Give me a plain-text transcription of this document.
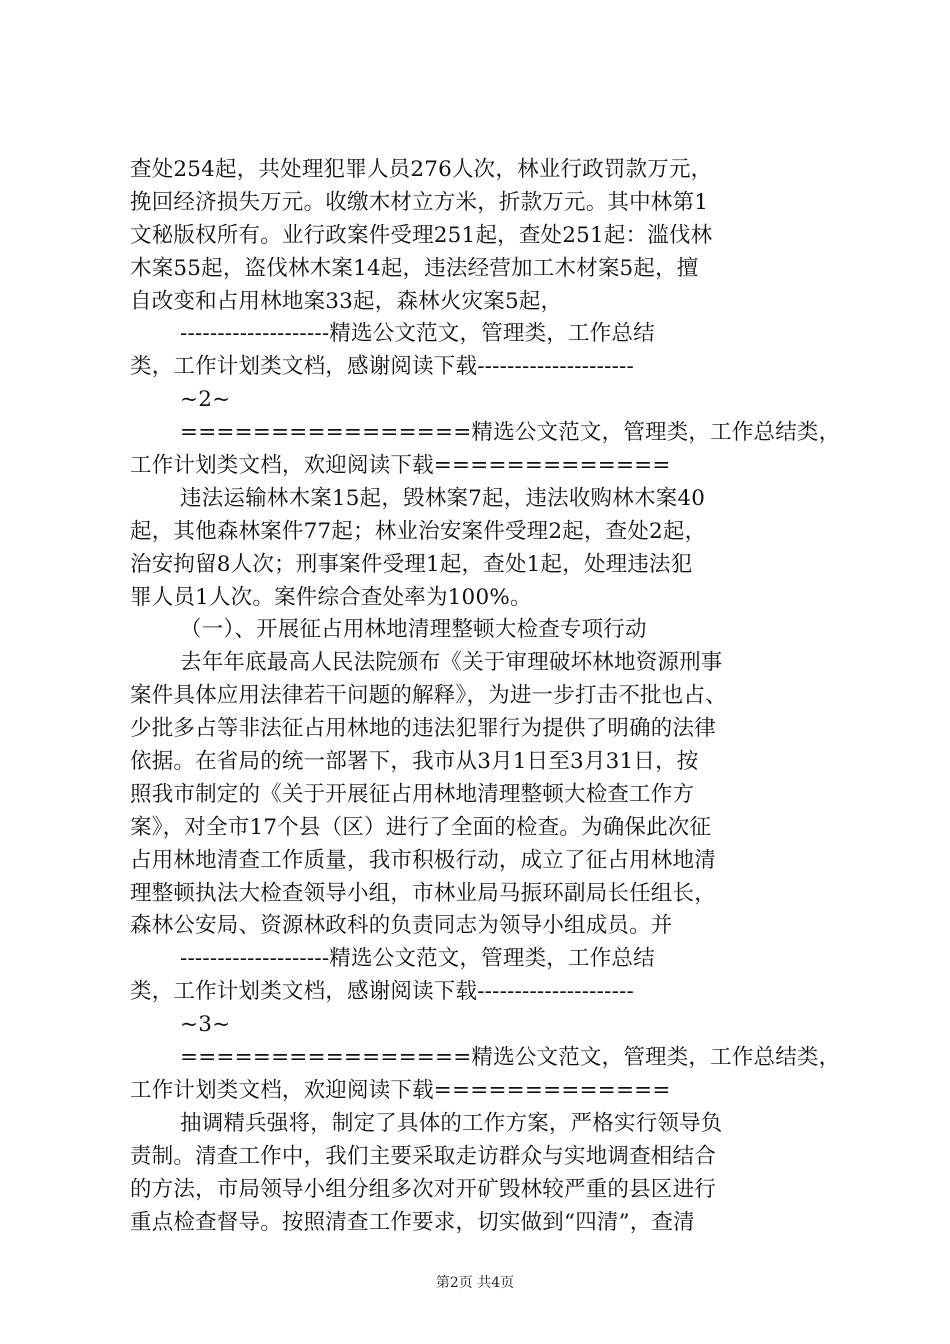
查处254起，共处理犯罪人员276人次，林业行政罚款万元，
挽回经济损失万元。收缴木材立方米，折款万元。其中林第1
文秘版权所有。业行政案件受理251起，查处251起：滥伐林
木案55起，盗伐林木案14起，违法经营加工木材案5起，擅
自改变和占用林地案33起，森林火灾案5起，
--------------------精选公文范文，管理类，工作总结
类，工作计划类文档，感谢阅读下载---------------------
~2~
================精选公文范文，管理类，工作总结类，
工作计划类文档，欢迎阅读下载=============
违法运输林木案15起，毁林案7起，违法收购林木案40
起，其他森林案件77起；林业治安案件受理2起，查处2起，
治安拘留8人次；刑事案件受理1起，查处1起，处理违法犯
罪人员1人次。案件综合查处率为100%。
（一）、开展征占用林地清理整顿大检查专项行动
去年年底最高人民法院颁布《关于审理破坏林地资源刑事
案件具体应用法律若干问题的解释》，为进一步打击不批也占、
少批多占等非法征占用林地的违法犯罪行为提供了明确的法律
依据。在省局的统一部署下，我市从3月1日至3月31日，按
照我市制定的《关于开展征占用林地清理整顿大检查工作方
案》，对全市17个县（区）进行了全面的检查。为确保此次征
占用林地清查工作质量，我市积极行动，成立了征占用林地清
理整顿执法大检查领导小组，市林业局马振环副局长任组长，
森林公安局、资源林政科的负责同志为领导小组成员。并
--------------------精选公文范文，管理类，工作总结
类，工作计划类文档，感谢阅读下载---------------------
~3~
================精选公文范文，管理类，工作总结类，
工作计划类文档，欢迎阅读下载=============
抽调精兵强将，制定了具体的工作方案，严格实行领导负
责制。清查工作中，我们主要采取走访群众与实地调查相结合
的方法，市局领导小组分组多次对开矿毁林较严重的县区进行
重点检查督导。按照清查工作要求，切实做到“四清”，查清
第2页 共4页
